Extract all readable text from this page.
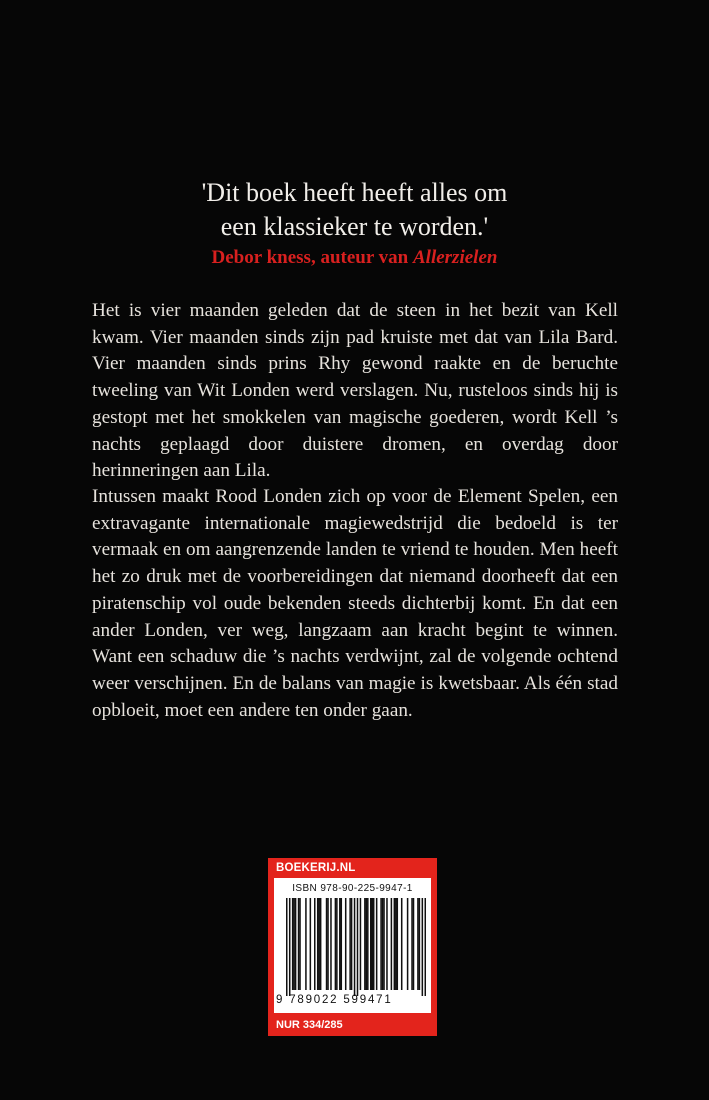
'Dit boek heeft heeft alles om
een klassieker te worden.'
Debor kness, auteur van Allerzielen

Het is vier maanden geleden dat de steen in het bezit van Kell kwam. Vier maanden sinds zijn pad kruiste met dat van Lila Bard. Vier maanden sinds prins Rhy gewond raakte en de beruchte tweeling van Wit Londen werd verslagen. Nu, rusteloos sinds hij is gestopt met het smokkelen van magische goederen, wordt Kell ’s nachts geplaagd door duistere dromen, en overdag door herinneringen aan Lila.

Intussen maakt Rood Londen zich op voor de Element Spelen, een extravagante internationale magiewedstrijd die bedoeld is ter vermaak en om aangrenzende landen te vriend te houden. Men heeft het zo druk met de voorbereidingen dat niemand doorheeft dat een piratenschip vol oude bekenden steeds dichterbij komt. En dat een ander Londen, ver weg, langzaam aan kracht begint te winnen. Want een schaduw die ’s nachts verdwijnt, zal de volgende ochtend weer verschijnen. En de balans van magie is kwetsbaar. Als één stad opbloeit, moet een andere ten onder gaan.

BOEKERIJ.NL
ISBN 978-90-225-9947-1
9 789022 599471
NUR 334/285
